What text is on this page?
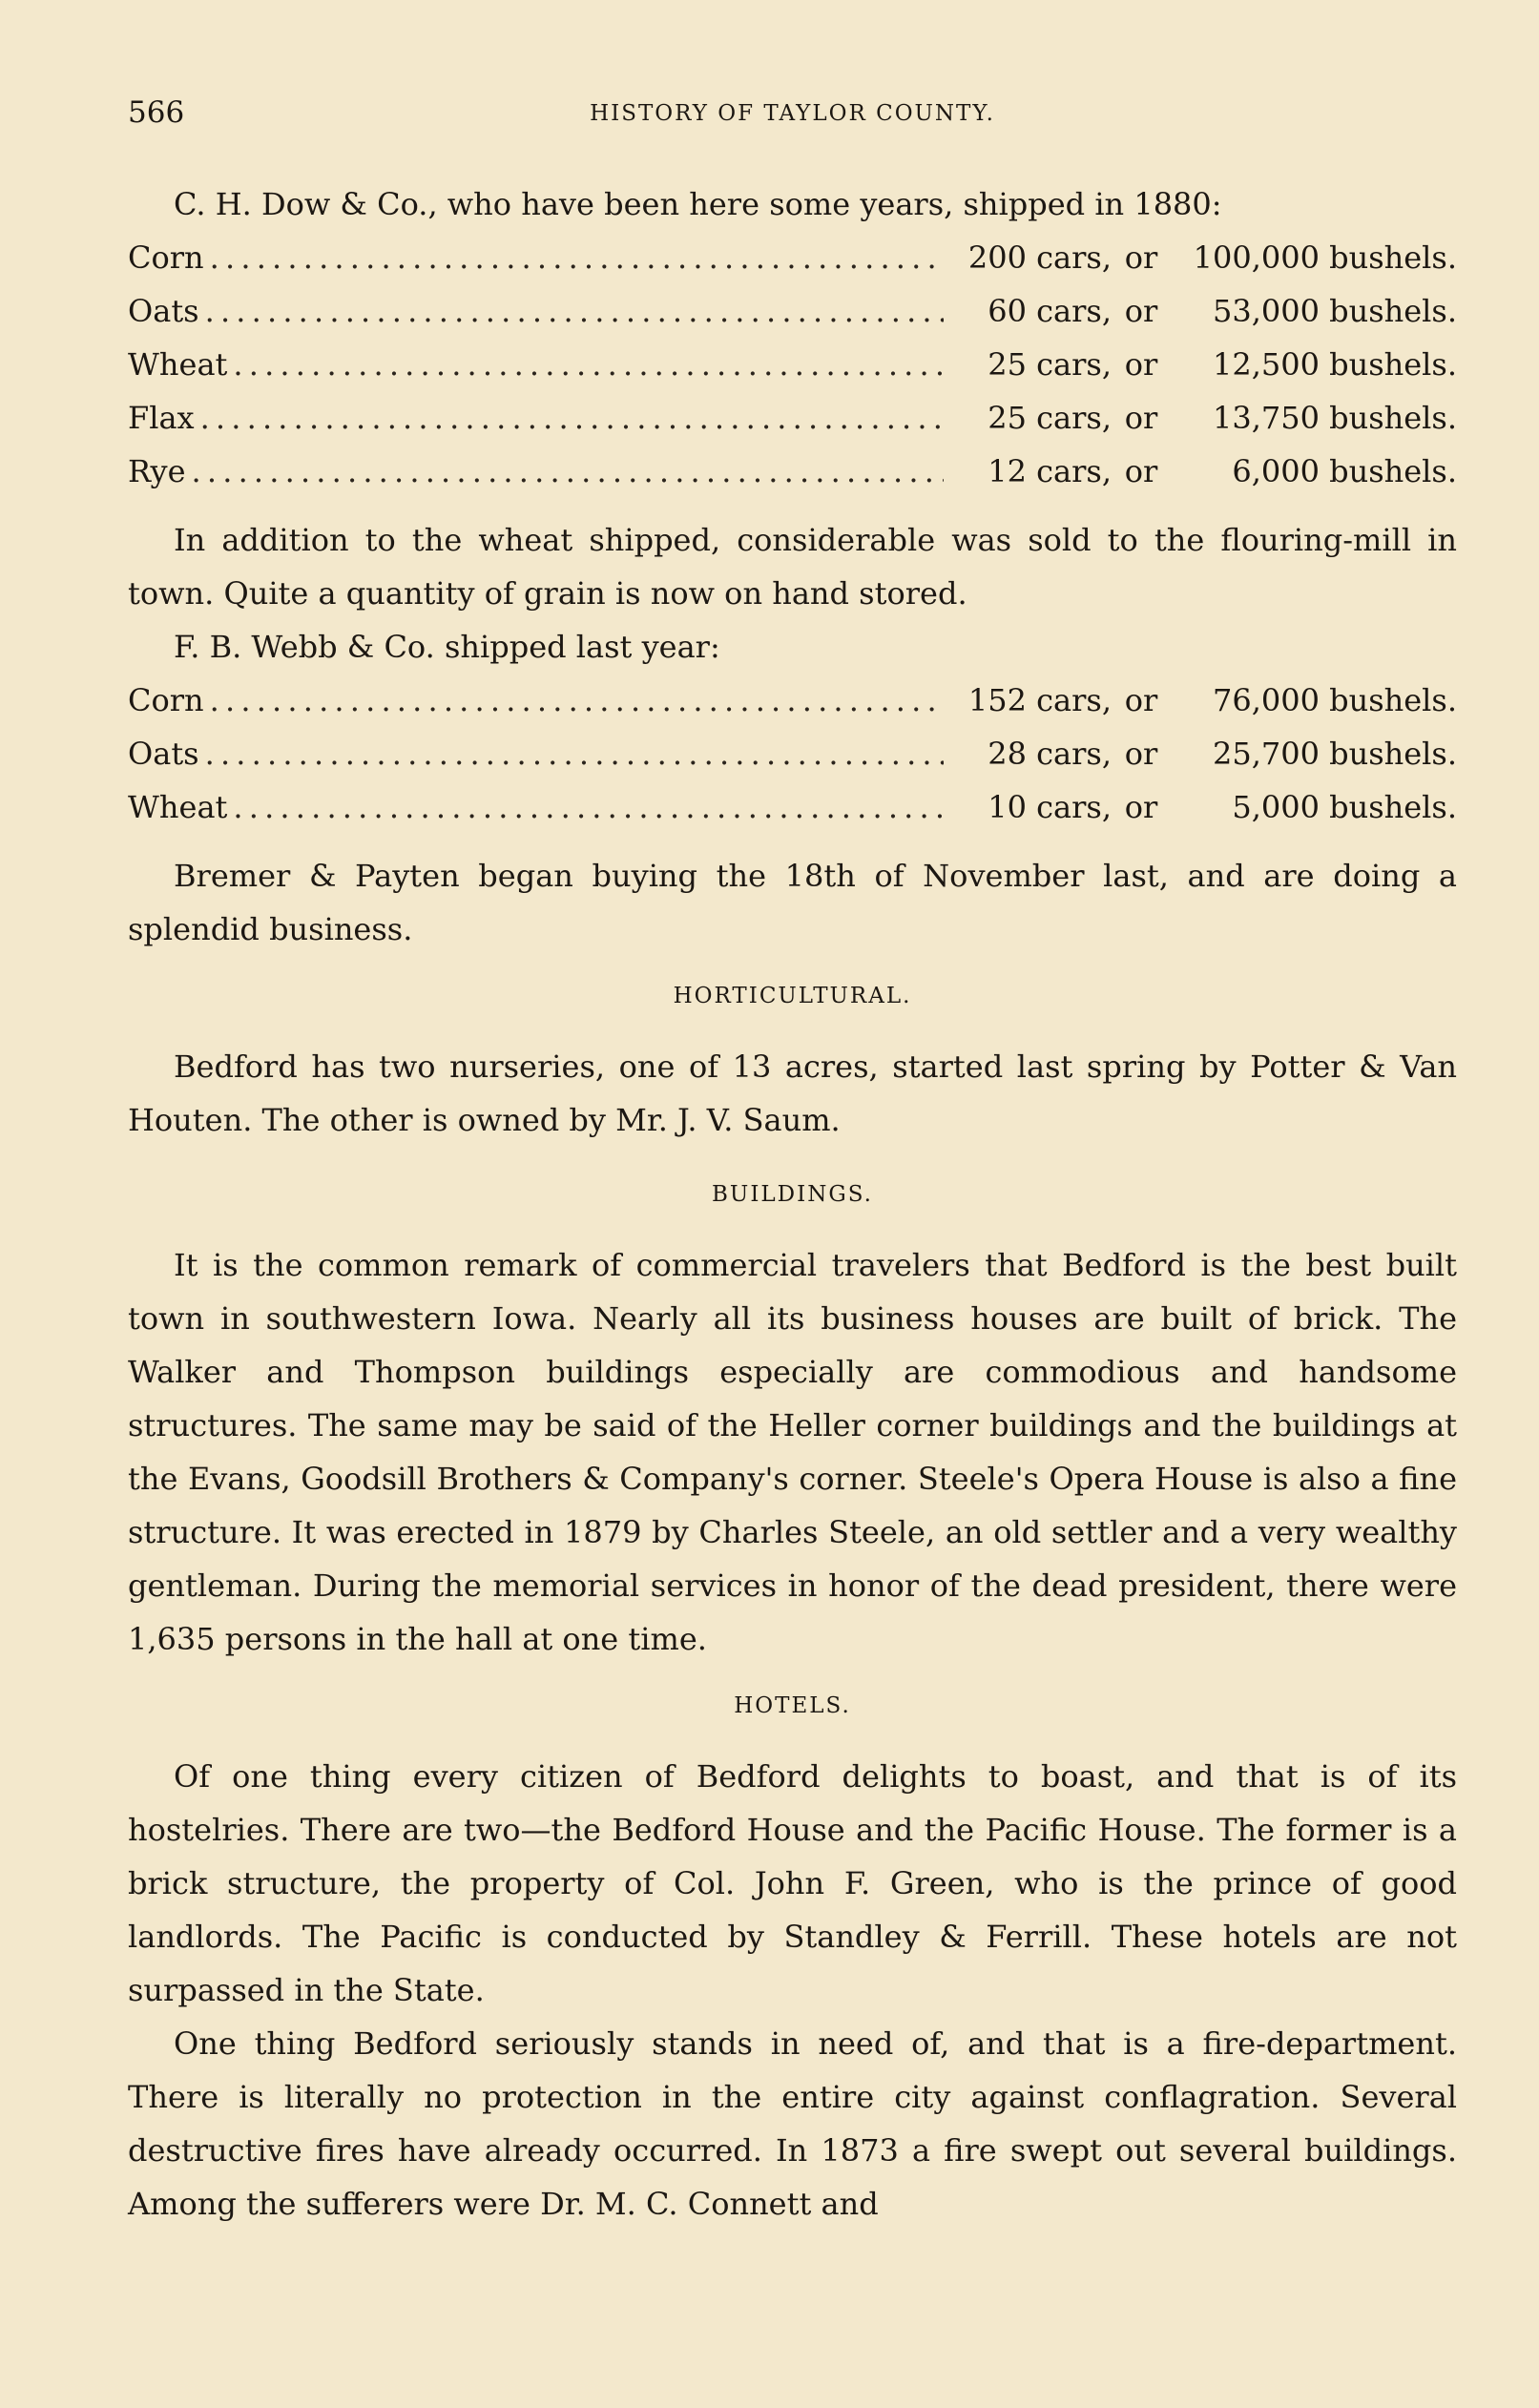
566	HISTORY OF TAYLOR COUNTY.

C. H. Dow & Co., who have been here some years, shipped in 1880:

Corn . . .	200 cars, or	100,000 bushels.
Oats . . .	60 cars, or	53,000 bushels.
Wheat . . .	25 cars, or	12,500 bushels.
Flax . . .	25 cars, or	13,750 bushels.
Rye . . .	12 cars, or	6,000 bushels.

In addition to the wheat shipped, considerable was sold to the flouring-mill in town. Quite a quantity of grain is now on hand stored.

F. B. Webb & Co. shipped last year:

Corn . . .	152 cars, or	76,000 bushels.
Oats . . .	28 cars, or	25,700 bushels.
Wheat . . .	10 cars, or	5,000 bushels.

Bremer & Payten began buying the 18th of November last, and are doing a splendid business.

HORTICULTURAL.

Bedford has two nurseries, one of 13 acres, started last spring by Potter & Van Houten. The other is owned by Mr. J. V. Saum.

BUILDINGS.

It is the common remark of commercial travelers that Bedford is the best built town in southwestern Iowa. Nearly all its business houses are built of brick. The Walker and Thompson buildings especially are commodious and handsome structures. The same may be said of the Heller corner buildings and the buildings at the Evans, Goodsill Brothers & Company's corner. Steele's Opera House is also a fine structure. It was erected in 1879 by Charles Steele, an old settler and a very wealthy gentleman. During the memorial services in honor of the dead president, there were 1,635 persons in the hall at one time.

HOTELS.

Of one thing every citizen of Bedford delights to boast, and that is of its hostelries. There are two—the Bedford House and the Pacific House. The former is a brick structure, the property of Col. John F. Green, who is the prince of good landlords. The Pacific is conducted by Standley & Ferrill. These hotels are not surpassed in the State.

One thing Bedford seriously stands in need of, and that is a fire-department. There is literally no protection in the entire city against conflagration. Several destructive fires have already occurred. In 1873 a fire swept out several buildings. Among the sufferers were Dr. M. C. Connett and
